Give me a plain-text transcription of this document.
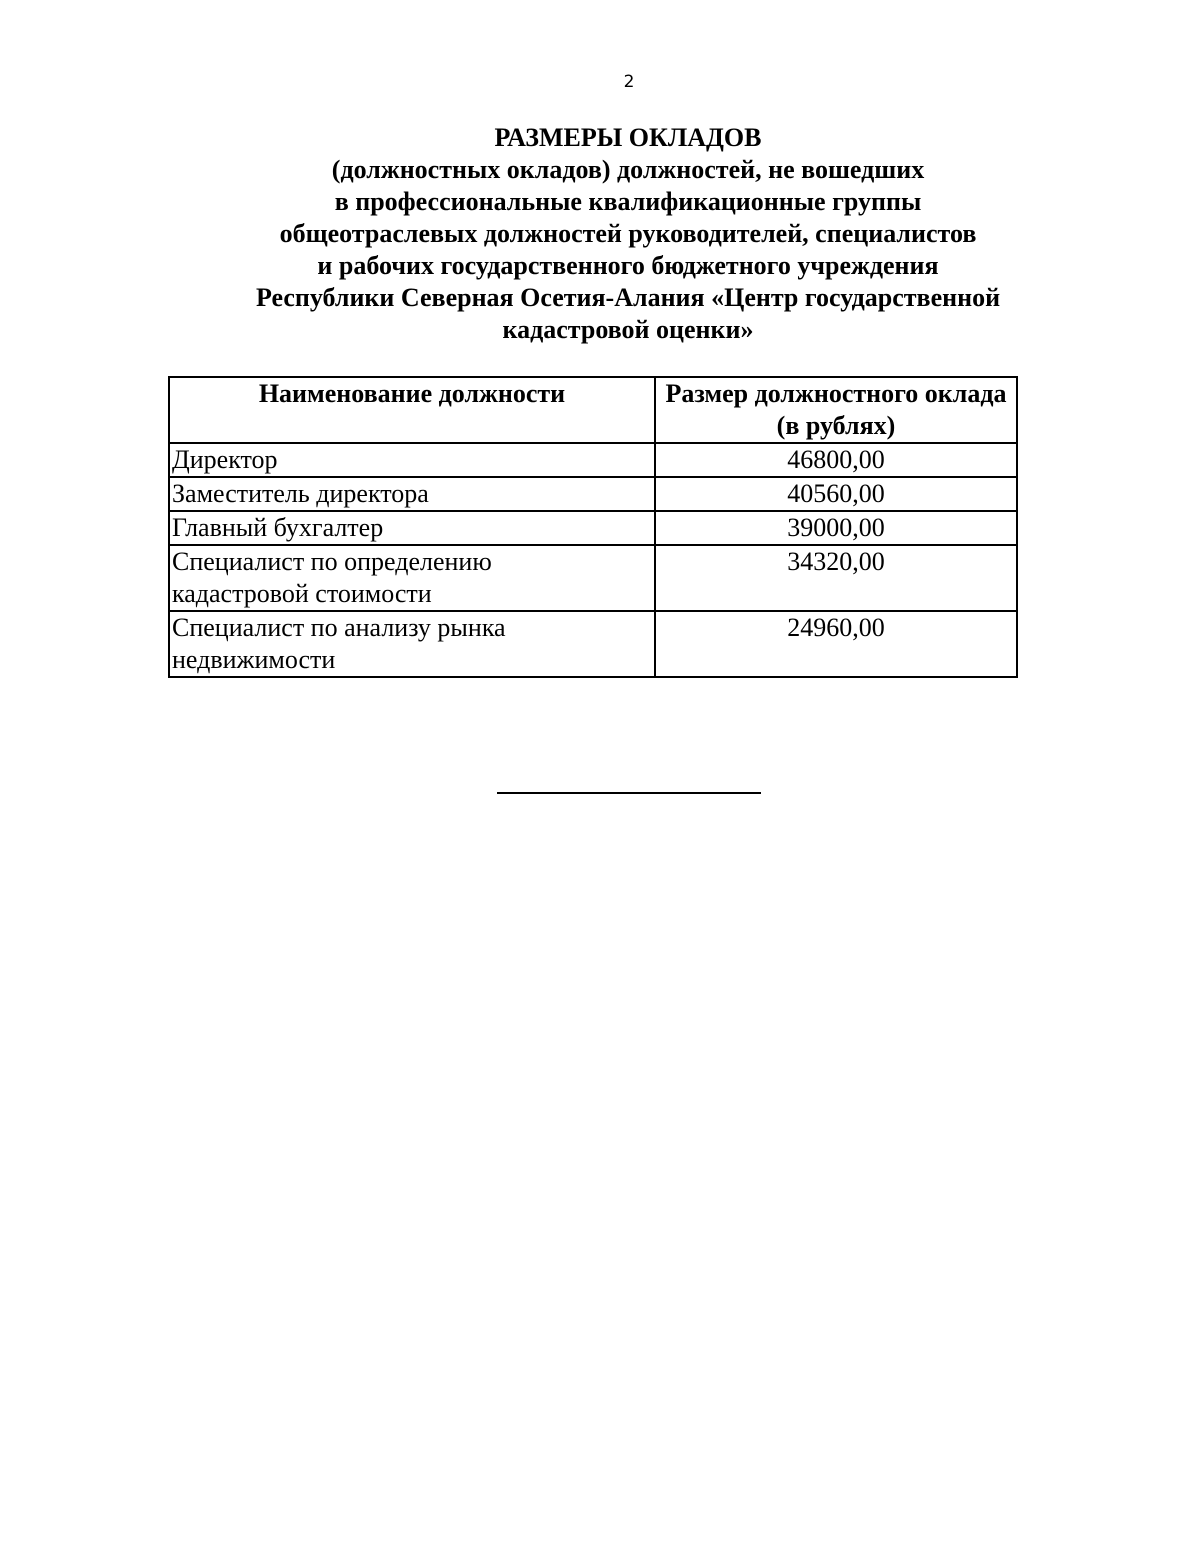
2
РАЗМЕРЫ ОКЛАДОВ
(должностных окладов) должностей, не вошедших
в профессиональные квалификационные группы
общеотраслевых должностей руководителей, специалистов
и рабочих государственного бюджетного учреждения
Республики Северная Осетия-Алания «Центр государственной
кадастровой оценки»
Наименование должности	Размер должностного оклада
(в рублях)

Директор	46800,00

Заместитель директора	40560,00

Главный бухгалтер	39000,00

Специалист по определению
кадастровой стоимости	34320,00

Специалист по анализу рынка
недвижимости	24960,00
